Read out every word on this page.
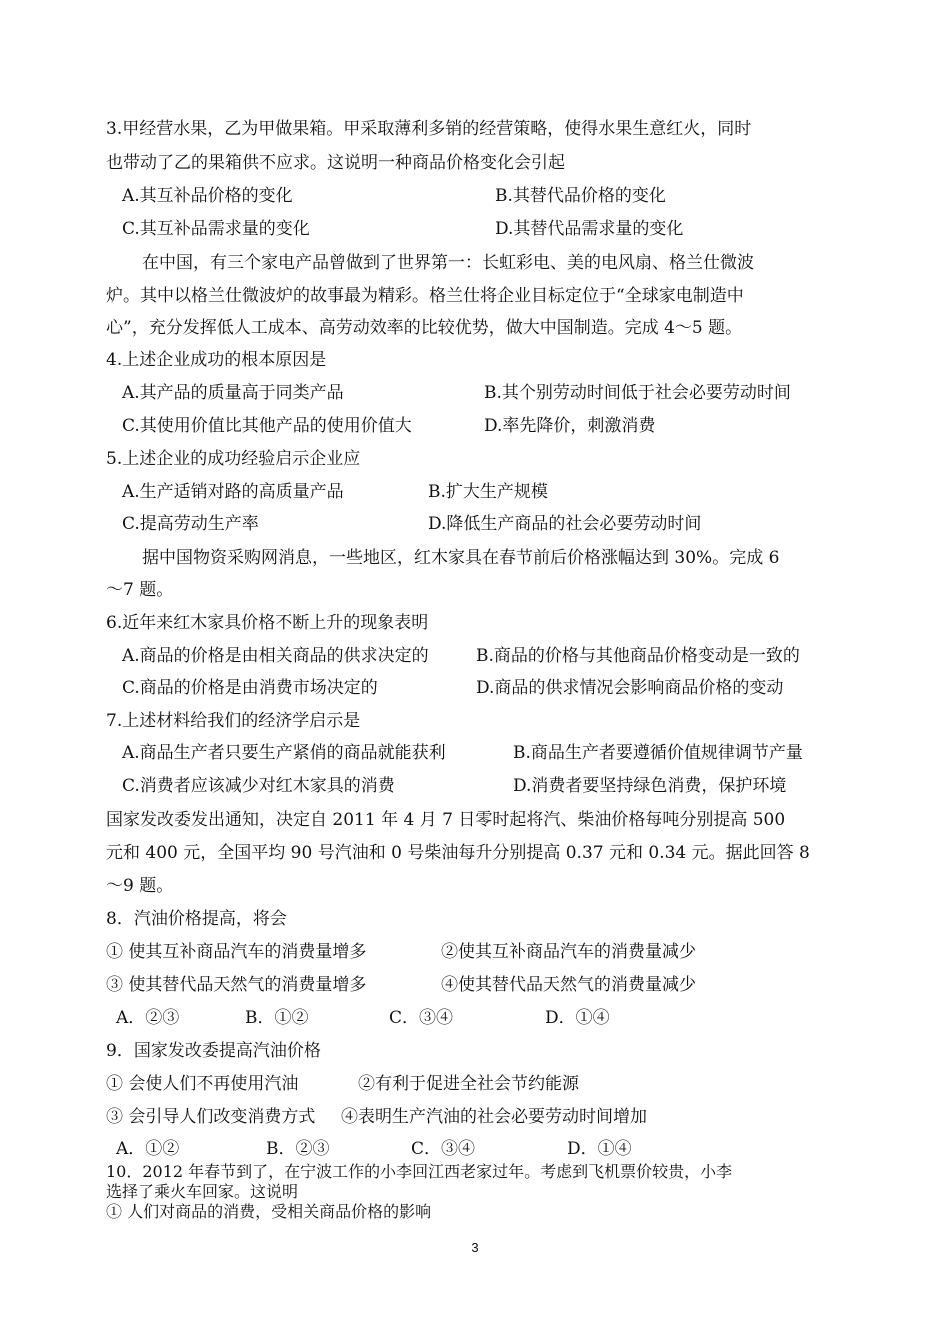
3.甲经营水果，乙为甲做果箱。甲采取薄利多销的经营策略，使得水果生意红火，同时
也带动了乙的果箱供不应求。这说明一种商品价格变化会引起
A.其互补品价格的变化	B.其替代品价格的变化
C.其互补品需求量的变化	D.其替代品需求量的变化
在中国，有三个家电产品曾做到了世界第一：长虹彩电、美的电风扇、格兰仕微波
炉。其中以格兰仕微波炉的故事最为精彩。格兰仕将企业目标定位于“全球家电制造中
心”，充分发挥低人工成本、高劳动效率的比较优势，做大中国制造。完成 4～5 题。
4.上述企业成功的根本原因是
A.其产品的质量高于同类产品	B.其个别劳动时间低于社会必要劳动时间
C.其使用价值比其他产品的使用价值大	D.率先降价，刺激消费
5.上述企业的成功经验启示企业应
A.生产适销对路的高质量产品	B.扩大生产规模
C.提高劳动生产率	D.降低生产商品的社会必要劳动时间
据中国物资采购网消息，一些地区，红木家具在春节前后价格涨幅达到 30%。完成 6
～7 题。
6.近年来红木家具价格不断上升的现象表明
A.商品的价格是由相关商品的供求决定的	B.商品的价格与其他商品价格变动是一致的
C.商品的价格是由消费市场决定的	D.商品的供求情况会影响商品价格的变动
7.上述材料给我们的经济学启示是
A.商品生产者只要生产紧俏的商品就能获利	B.商品生产者要遵循价值规律调节产量
C.消费者应该减少对红木家具的消费	D.消费者要坚持绿色消费，保护环境
国家发改委发出通知，决定自 2011 年 4 月 7 日零时起将汽、柴油价格每吨分别提高 500
元和 400 元，全国平均 90 号汽油和 0 号柴油每升分别提高 0.37 元和 0.34 元。据此回答 8
～9 题。
8．汽油价格提高，将会
① 使其互补商品汽车的消费量增多	②使其互补商品汽车的消费量减少
③ 使其替代品天然气的消费量增多	④使其替代品天然气的消费量减少
A．②③	B．①②	C．③④	D．①④
9．国家发改委提高汽油价格
① 会使人们不再使用汽油	②有利于促进全社会节约能源
③ 会引导人们改变消费方式 ④表明生产汽油的社会必要劳动时间增加
A．①②	B．②③	C．③④	D．①④
10．2012 年春节到了，在宁波工作的小李回江西老家过年。考虑到飞机票价较贵，小李
选择了乘火车回家。这说明
① 人们对商品的消费，受相关商品价格的影响
3
